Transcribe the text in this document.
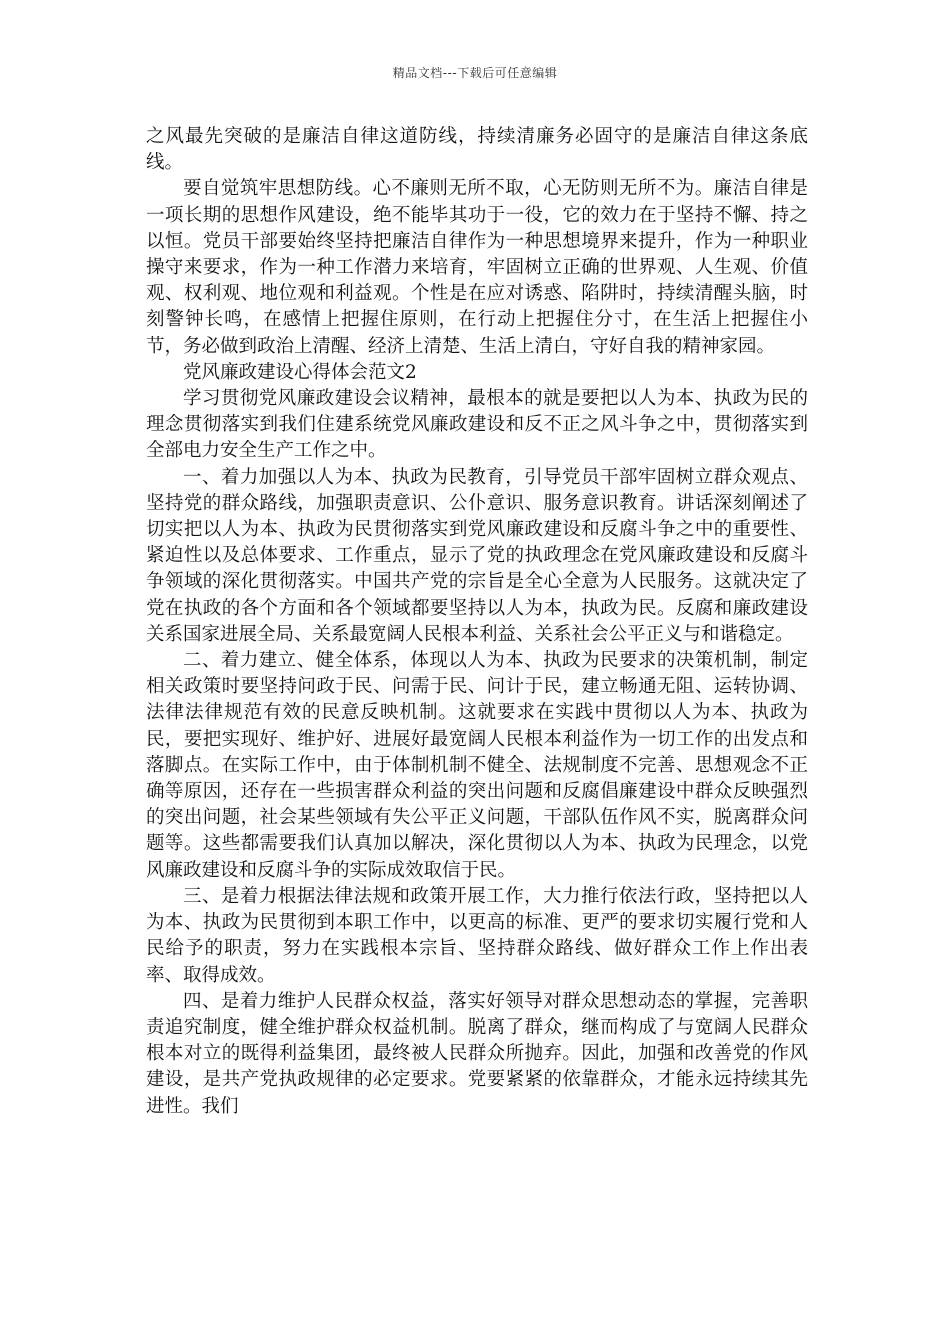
精品文档---下载后可任意编辑

之风最先突破的是廉洁自律这道防线，持续清廉务必固守的是廉洁自律这条底线。

要自觉筑牢思想防线。心不廉则无所不取，心无防则无所不为。廉洁自律是一项长期的思想作风建设，绝不能毕其功于一役，它的效力在于坚持不懈、持之以恒。党员干部要始终坚持把廉洁自律作为一种思想境界来提升，作为一种职业操守来要求，作为一种工作潜力来培育，牢固树立正确的世界观、人生观、价值观、权利观、地位观和利益观。个性是在应对诱惑、陷阱时，持续清醒头脑，时刻警钟长鸣，在感情上把握住原则，在行动上把握住分寸，在生活上把握住小节，务必做到政治上清醒、经济上清楚、生活上清白，守好自我的精神家园。

党风廉政建设心得体会范文2

学习贯彻党风廉政建设会议精神，最根本的就是要把以人为本、执政为民的理念贯彻落实到我们住建系统党风廉政建设和反不正之风斗争之中，贯彻落实到全部电力安全生产工作之中。

一、着力加强以人为本、执政为民教育，引导党员干部牢固树立群众观点、坚持党的群众路线，加强职责意识、公仆意识、服务意识教育。讲话深刻阐述了切实把以人为本、执政为民贯彻落实到党风廉政建设和反腐斗争之中的重要性、紧迫性以及总体要求、工作重点，显示了党的执政理念在党风廉政建设和反腐斗争领域的深化贯彻落实。中国共产党的宗旨是全心全意为人民服务。这就决定了党在执政的各个方面和各个领域都要坚持以人为本，执政为民。反腐和廉政建设关系国家进展全局、关系最宽阔人民根本利益、关系社会公平正义与和谐稳定。

二、着力建立、健全体系，体现以人为本、执政为民要求的决策机制，制定相关政策时要坚持问政于民、问需于民、问计于民，建立畅通无阻、运转协调、法律法律规范有效的民意反映机制。这就要求在实践中贯彻以人为本、执政为民，要把实现好、维护好、进展好最宽阔人民根本利益作为一切工作的出发点和落脚点。在实际工作中，由于体制机制不健全、法规制度不完善、思想观念不正确等原因，还存在一些损害群众利益的突出问题和反腐倡廉建设中群众反映强烈的突出问题，社会某些领域有失公平正义问题，干部队伍作风不实，脱离群众问题等。这些都需要我们认真加以解决，深化贯彻以人为本、执政为民理念，以党风廉政建设和反腐斗争的实际成效取信于民。

三、是着力根据法律法规和政策开展工作，大力推行依法行政，坚持把以人为本、执政为民贯彻到本职工作中，以更高的标准、更严的要求切实履行党和人民给予的职责，努力在实践根本宗旨、坚持群众路线、做好群众工作上作出表率、取得成效。

四、是着力维护人民群众权益，落实好领导对群众思想动态的掌握，完善职责追究制度，健全维护群众权益机制。脱离了群众，继而构成了与宽阔人民群众根本对立的既得利益集团，最终被人民群众所抛弃。因此，加强和改善党的作风建设，是共产党执政规律的必定要求。党要紧紧的依靠群众，才能永远持续其先进性。我们
